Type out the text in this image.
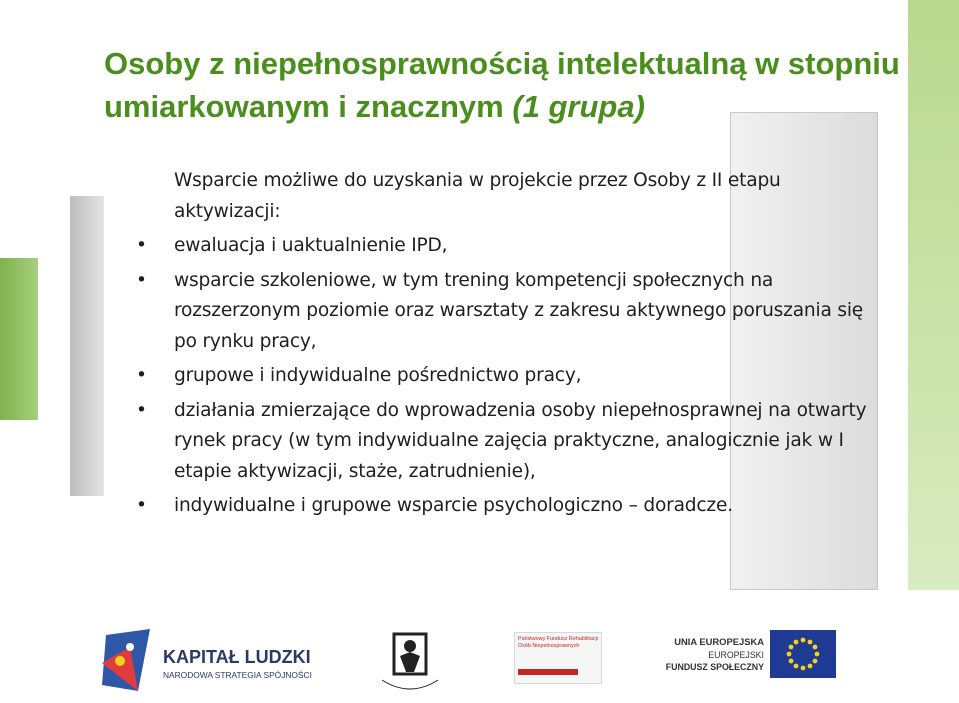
Osoby z niepełnosprawnością intelektualną w stopniu umiarkowanym i znacznym (1 grupa)

Wsparcie możliwe do uzyskania w projekcie przez Osoby z II etapu aktywizacji:

• ewaluacja i uaktualnienie IPD,
• wsparcie szkoleniowe, w tym trening kompetencji społecznych na rozszerzonym poziomie oraz warsztaty z zakresu aktywnego poruszania się po rynku pracy,
• grupowe i indywidualne pośrednictwo pracy,
• działania zmierzające do wprowadzenia osoby niepełnosprawnej na otwarty rynek pracy (w tym indywidualne zajęcia praktyczne, analogicznie jak w I etapie aktywizacji, staże, zatrudnienie),
• indywidualne i grupowe wsparcie psychologiczno – doradcze.
KAPITAŁ LUDZKI
NARODOWA STRATEGIA SPÓJNOŚCI
Państwowy Fundusz Rehabilitacji Osób Niepełnosprawnych	UNIA EUROPEJSKA
EUROPEJSKI
FUNDUSZ SPOŁECZNY
